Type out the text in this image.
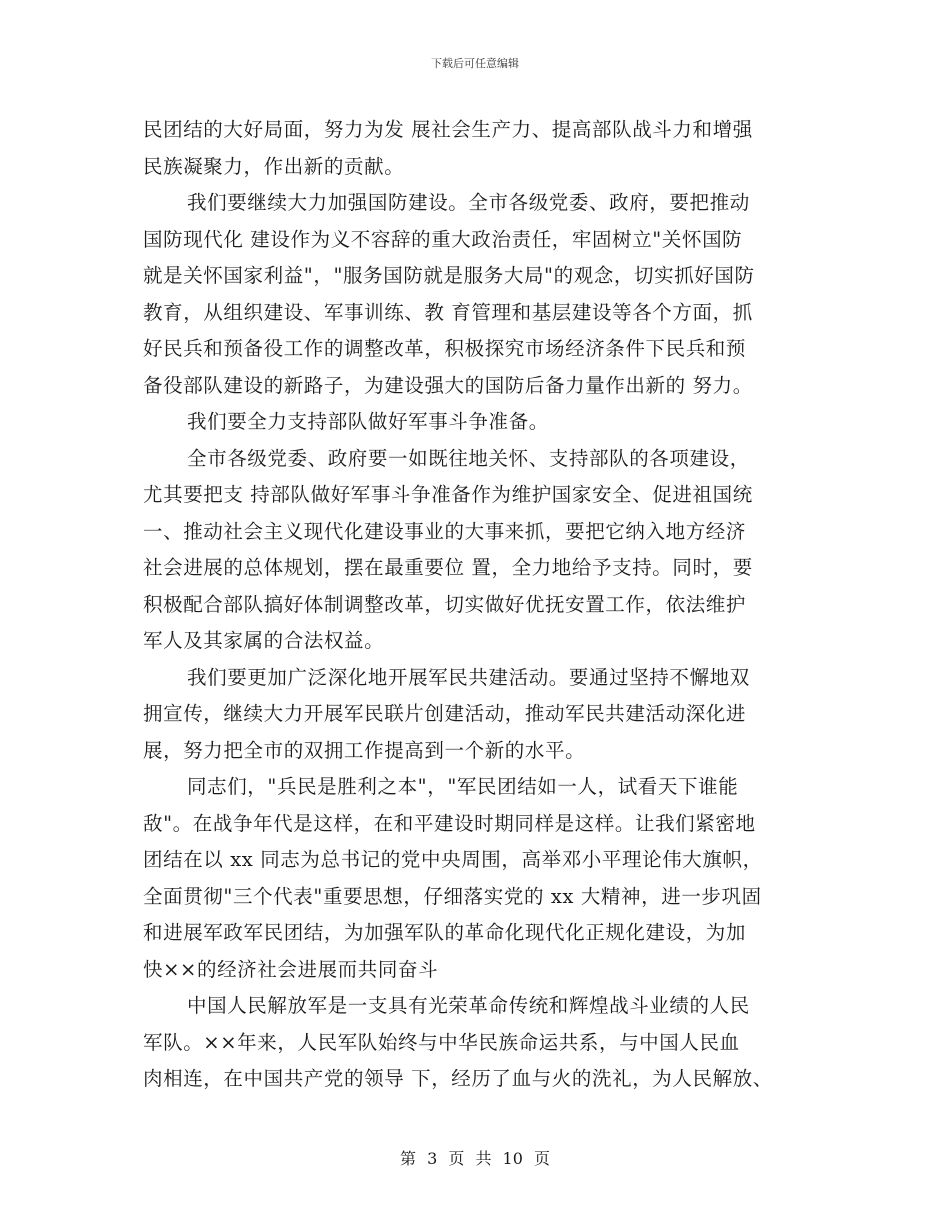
下载后可任意编辑
民团结的大好局面，努力为发 展社会生产力、提高部队战斗力和增强
民族凝聚力，作出新的贡献。
我们要继续大力加强国防建设。全市各级党委、政府，要把推动
国防现代化 建设作为义不容辞的重大政治责任，牢固树立"关怀国防
就是关怀国家利益"，"服务国防就是服务大局"的观念，切实抓好国防
教育，从组织建设、军事训练、教 育管理和基层建设等各个方面，抓
好民兵和预备役工作的调整改革，积极探究市场经济条件下民兵和预
备役部队建设的新路子，为建设强大的国防后备力量作出新的 努力。
我们要全力支持部队做好军事斗争准备。
全市各级党委、政府要一如既往地关怀、支持部队的各项建设，
尤其要把支 持部队做好军事斗争准备作为维护国家安全、促进祖国统
一、推动社会主义现代化建设事业的大事来抓，要把它纳入地方经济
社会进展的总体规划，摆在最重要位 置，全力地给予支持。同时，要
积极配合部队搞好体制调整改革，切实做好优抚安置工作，依法维护
军人及其家属的合法权益。
我们要更加广泛深化地开展军民共建活动。要通过坚持不懈地双
拥宣传，继续大力开展军民联片创建活动，推动军民共建活动深化进
展，努力把全市的双拥工作提高到一个新的水平。
同志们，"兵民是胜利之本"，"军民团结如一人，试看天下谁能
敌"。在战争年代是这样，在和平建设时期同样是这样。让我们紧密地
团结在以 xx 同志为总书记的党中央周围，高举邓小平理论伟大旗帜，
全面贯彻"三个代表"重要思想，仔细落实党的 xx 大精神，进一步巩固
和进展军政军民团结，为加强军队的革命化现代化正规化建设，为加
快××的经济社会进展而共同奋斗
中国人民解放军是一支具有光荣革命传统和辉煌战斗业绩的人民
军队。××年来，人民军队始终与中华民族命运共系，与中国人民血
肉相连，在中国共产党的领导 下，经历了血与火的洗礼，为人民解放、
第 3 页 共 10 页
